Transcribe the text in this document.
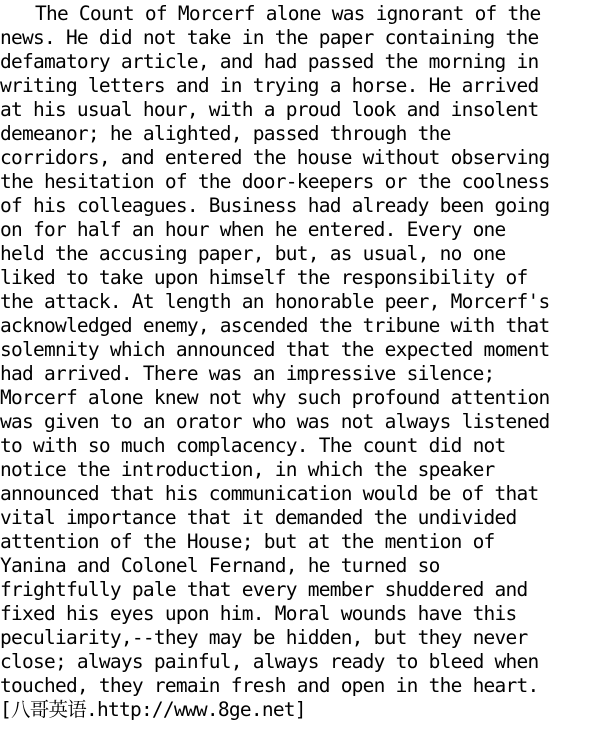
The Count of Morcerf alone was ignorant of the
news. He did not take in the paper containing the
defamatory article, and had passed the morning in
writing letters and in trying a horse. He arrived
at his usual hour, with a proud look and insolent
demeanor; he alighted, passed through the
corridors, and entered the house without observing
the hesitation of the door-keepers or the coolness
of his colleagues. Business had already been going
on for half an hour when he entered. Every one
held the accusing paper, but, as usual, no one
liked to take upon himself the responsibility of
the attack. At length an honorable peer, Morcerf's
acknowledged enemy, ascended the tribune with that
solemnity which announced that the expected moment
had arrived. There was an impressive silence;
Morcerf alone knew not why such profound attention
was given to an orator who was not always listened
to with so much complacency. The count did not
notice the introduction, in which the speaker
announced that his communication would be of that
vital importance that it demanded the undivided
attention of the House; but at the mention of
Yanina and Colonel Fernand, he turned so
frightfully pale that every member shuddered and
fixed his eyes upon him. Moral wounds have this
peculiarity,--they may be hidden, but they never
close; always painful, always ready to bleed when
touched, they remain fresh and open in the heart.
[八哥英语.http://www.8ge.net]
